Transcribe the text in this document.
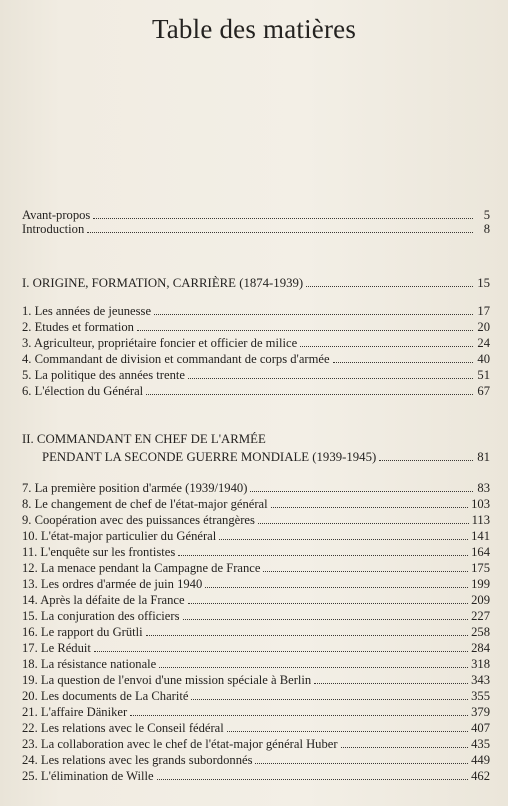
Table des matières
Avant-propos	5
Introduction	8
I. ORIGINE, FORMATION, CARRIÈRE (1874-1939)	15
1. Les années de jeunesse	17
2. Etudes et formation	20
3. Agriculteur, propriétaire foncier et officier de milice	24
4. Commandant de division et commandant de corps d'armée	40
5. La politique des années trente	51
6. L'élection du Général	67
II. COMMANDANT EN CHEF DE L'ARMÉE
PENDANT LA SECONDE GUERRE MONDIALE (1939-1945)	81
7. La première position d'armée (1939/1940)	83
8. Le changement de chef de l'état-major général	103
9. Coopération avec des puissances étrangères	113
10. L'état-major particulier du Général	141
11. L'enquête sur les frontistes	164
12. La menace pendant la Campagne de France	175
13. Les ordres d'armée de juin 1940	199
14. Après la défaite de la France	209
15. La conjuration des officiers	227
16. Le rapport du Grütli	258
17. Le Réduit	284
18. La résistance nationale	318
19. La question de l'envoi d'une mission spéciale à Berlin	343
20. Les documents de La Charité	355
21. L'affaire Däniker	379
22. Les relations avec le Conseil fédéral	407
23. La collaboration avec le chef de l'état-major général Huber	435
24. Les relations avec les grands subordonnés	449
25. L'élimination de Wille	462
